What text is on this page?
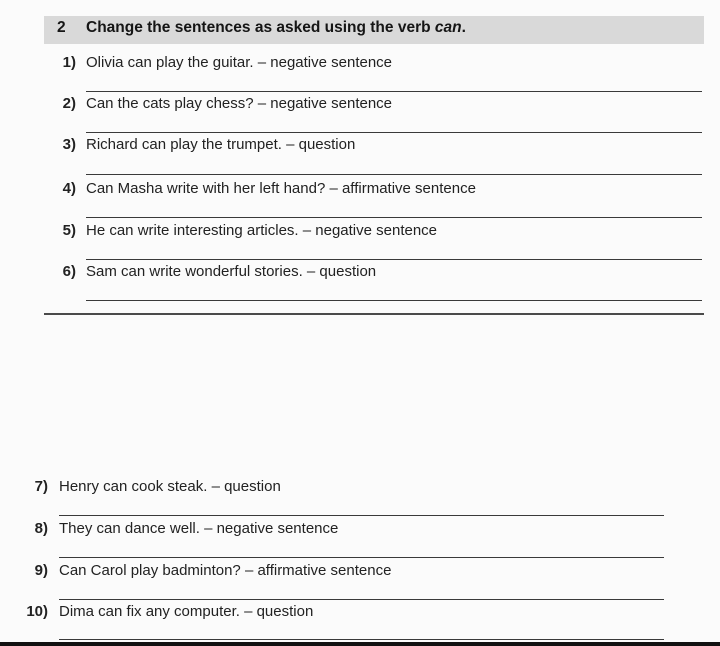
2 Change the sentences as asked using the verb can.
1) Olivia can play the guitar. – negative sentence
2) Can the cats play chess? – negative sentence
3) Richard can play the trumpet. – question
4) Can Masha write with her left hand? – affirmative sentence
5) He can write interesting articles. – negative sentence
6) Sam can write wonderful stories. – question
7) Henry can cook steak. – question
8) They can dance well. – negative sentence
9) Can Carol play badminton? – affirmative sentence
10) Dima can fix any computer. – question
